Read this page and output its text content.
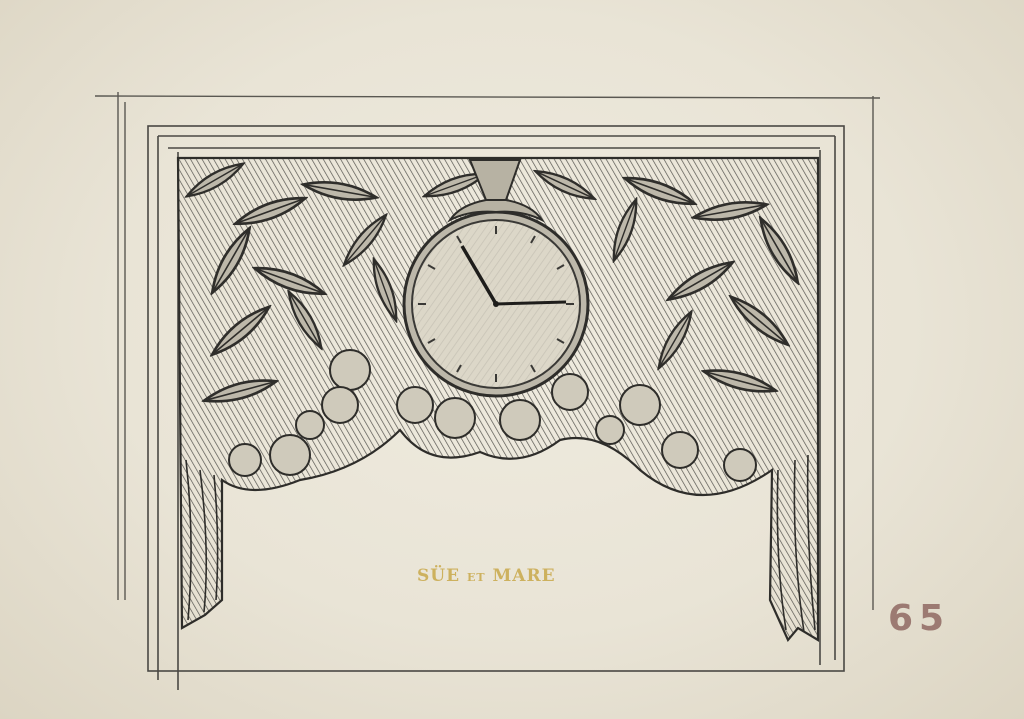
SÜE ET MARE
65
